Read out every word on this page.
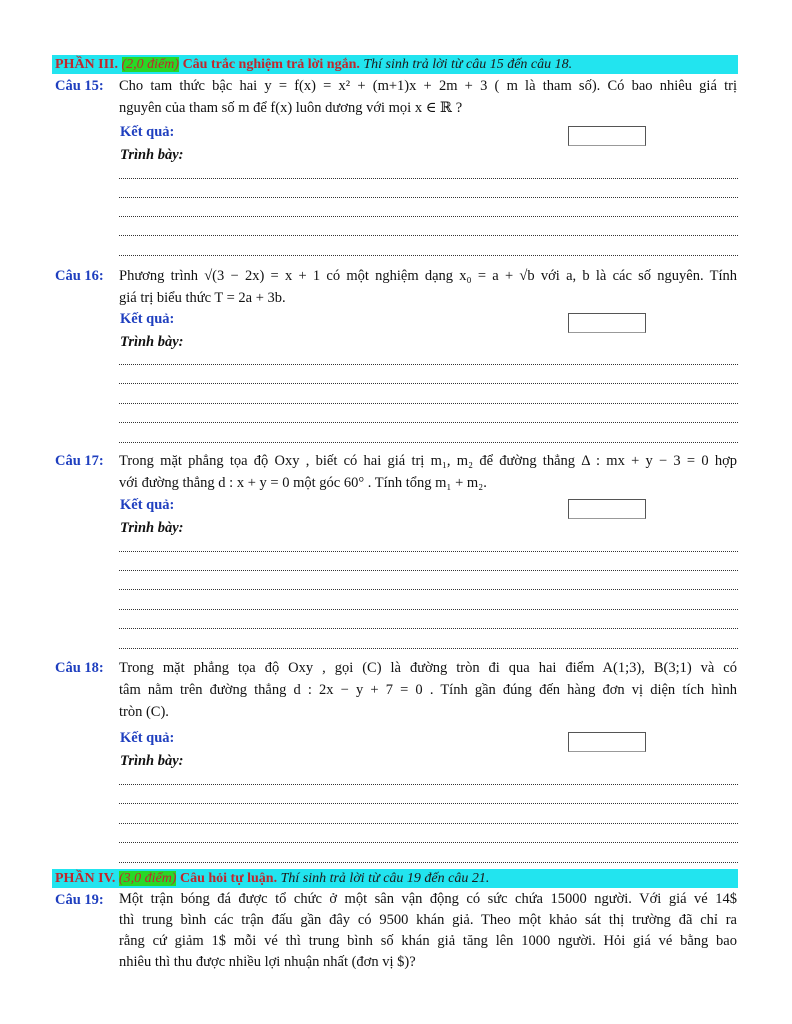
PHẦN III. (2,0 điểm) Câu trắc nghiệm trả lời ngắn. Thí sinh trả lời từ câu 15 đến câu 18.
Câu 15: Cho tam thức bậc hai y = f(x) = x² + (m+1)x + 2m + 3 ( m là tham số). Có bao nhiêu giá trị
nguyên của tham số m để f(x) luôn dương với mọi x ∈ ℝ ?
Kết quả:
Trình bày:
Câu 16: Phương trình √(3 − 2x) = x + 1 có một nghiệm dạng x₀ = a + √b với a, b là các số nguyên. Tính
giá trị biểu thức T = 2a + 3b.
Kết quả:
Trình bày:
Câu 17: Trong mặt phẳng tọa độ Oxy , biết có hai giá trị m₁, m₂ để đường thẳng Δ : mx + y − 3 = 0 hợp
với đường thẳng d : x + y = 0 một góc 60° . Tính tổng m₁ + m₂.
Kết quả:
Trình bày:
Câu 18: Trong mặt phẳng tọa độ Oxy , gọi (C) là đường tròn đi qua hai điểm A(1;3), B(3;1) và có
tâm nằm trên đường thẳng d : 2x − y + 7 = 0 . Tính gần đúng đến hàng đơn vị diện tích hình
tròn (C).
Kết quả:
Trình bày:
PHẦN IV. (3,0 điểm) Câu hỏi tự luận. Thí sinh trả lời từ câu 19 đến câu 21.
Câu 19: Một trận bóng đá được tổ chức ở một sân vận động có sức chứa 15000 người. Với giá vé 14$
thì trung bình các trận đấu gần đây có 9500 khán giả. Theo một khảo sát thị trường đã chỉ ra
rằng cứ giảm 1$ mỗi vé thì trung bình số khán giả tăng lên 1000 người. Hỏi giá vé bằng bao
nhiêu thì thu được nhiều lợi nhuận nhất (đơn vị $)?
